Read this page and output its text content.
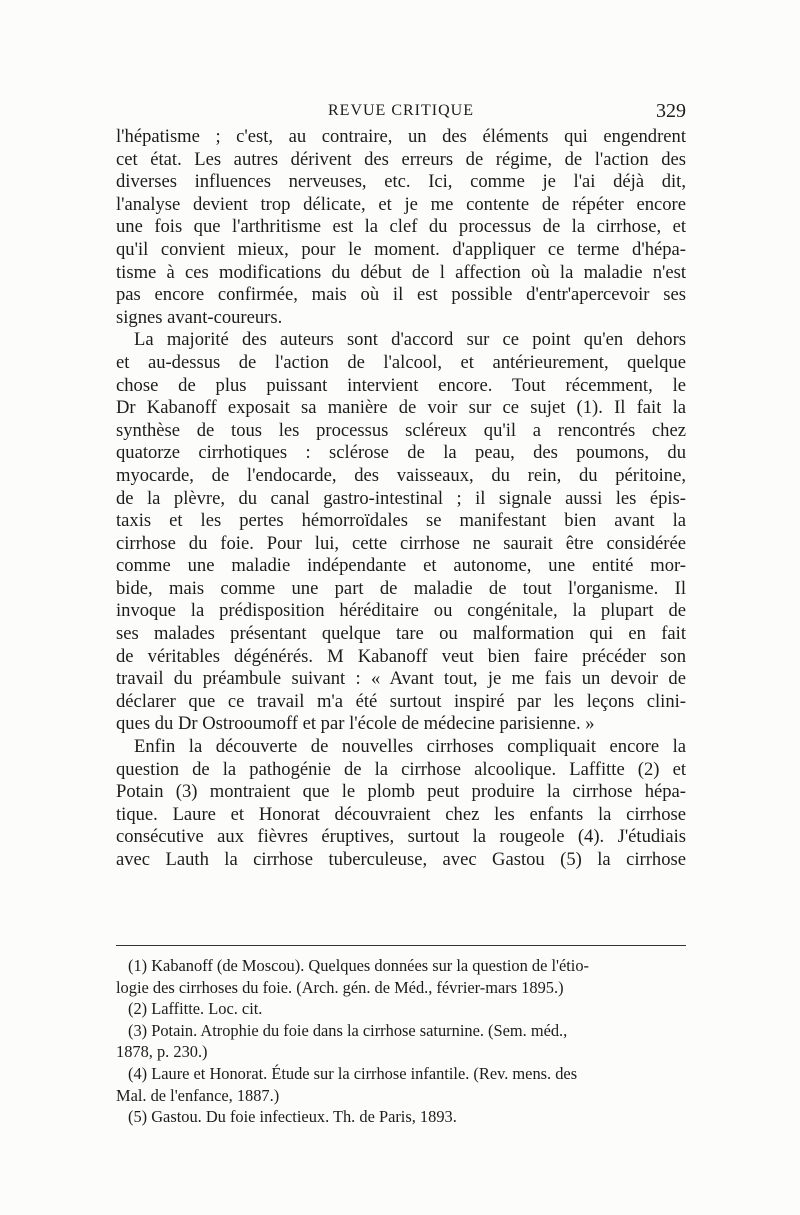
REVUE CRITIQUE	329

l'hépatisme ; c'est, au contraire, un des éléments qui engendrent
cet état. Les autres dérivent des erreurs de régime, de l'action des
diverses influences nerveuses, etc. Ici, comme je l'ai déjà dit,
l'analyse devient trop délicate, et je me contente de répéter encore
une fois que l'arthritisme est la clef du processus de la cirrhose, et
qu'il convient mieux, pour le moment. d'appliquer ce terme d'hépa-
tisme à ces modifications du début de l affection où la maladie n'est
pas encore confirmée, mais où il est possible d'entr'apercevoir ses
signes avant-coureurs.

La majorité des auteurs sont d'accord sur ce point qu'en dehors
et au-dessus de l'action de l'alcool, et antérieurement, quelque
chose de plus puissant intervient encore. Tout récemment, le
Dr Kabanoff exposait sa manière de voir sur ce sujet (1). Il fait la
synthèse de tous les processus scléreux qu'il a rencontrés chez
quatorze cirrhotiques : sclérose de la peau, des poumons, du
myocarde, de l'endocarde, des vaisseaux, du rein, du péritoine,
de la plèvre, du canal gastro-intestinal ; il signale aussi les épis-
taxis et les pertes hémorroïdales se manifestant bien avant la
cirrhose du foie. Pour lui, cette cirrhose ne saurait être considérée
comme une maladie indépendante et autonome, une entité mor-
bide, mais comme une part de maladie de tout l'organisme. Il
invoque la prédisposition héréditaire ou congénitale, la plupart de
ses malades présentant quelque tare ou malformation qui en fait
de véritables dégénérés. M Kabanoff veut bien faire précéder son
travail du préambule suivant : « Avant tout, je me fais un devoir de
déclarer que ce travail m'a été surtout inspiré par les leçons clini-
ques du Dr Ostrooumoff et par l'école de médecine parisienne. »

Enfin la découverte de nouvelles cirrhoses compliquait encore la
question de la pathogénie de la cirrhose alcoolique. Laffitte (2) et
Potain (3) montraient que le plomb peut produire la cirrhose hépa-
tique. Laure et Honorat découvraient chez les enfants la cirrhose
consécutive aux fièvres éruptives, surtout la rougeole (4). J'étudiais
avec Lauth la cirrhose tuberculeuse, avec Gastou (5) la cirrhose

(1) Kabanoff (de Moscou). Quelques données sur la question de l'étio-
logie des cirrhoses du foie. (Arch. gén. de Méd., février-mars 1895.)

(2) Laffitte. Loc. cit.

(3) Potain. Atrophie du foie dans la cirrhose saturnine. (Sem. méd.,
1878, p. 230.)

(4) Laure et Honorat. Étude sur la cirrhose infantile. (Rev. mens. des
Mal. de l'enfance, 1887.)

(5) Gastou. Du foie infectieux. Th. de Paris, 1893.
